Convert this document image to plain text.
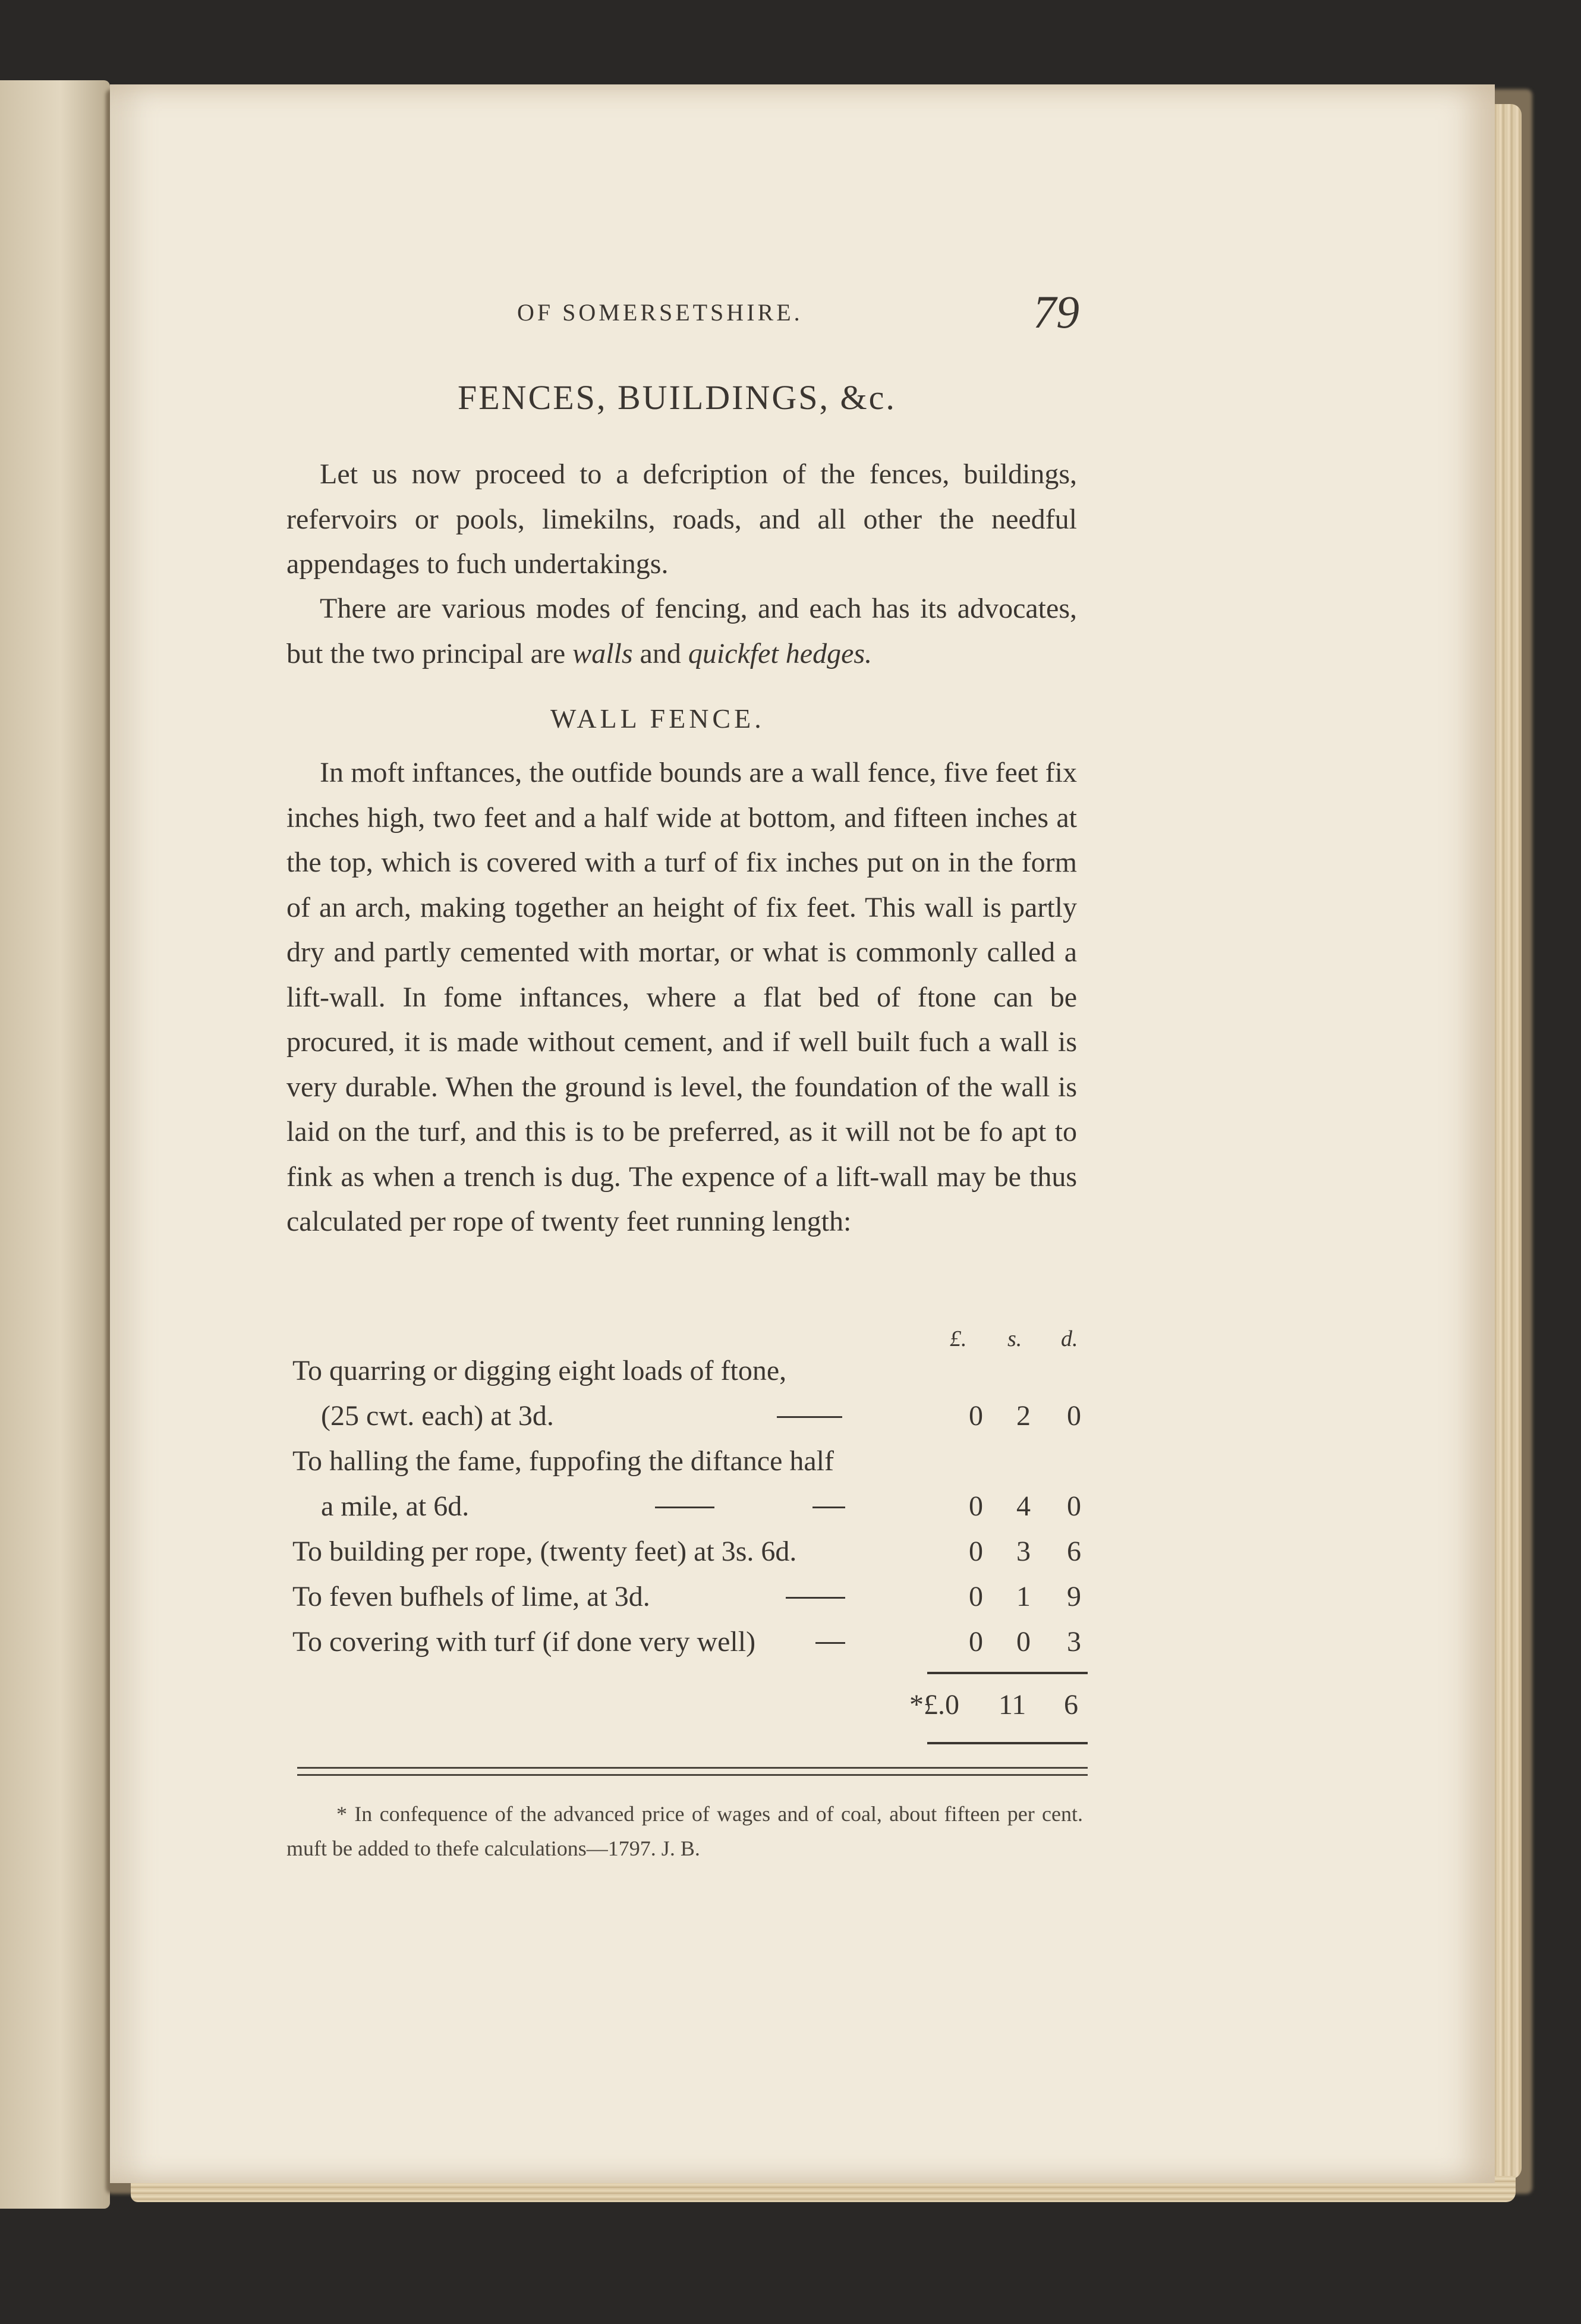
OF SOMERSETSHIRE.	79
FENCES, BUILDINGS, &c.
Let us now proceed to a defcription of the fences, buildings, refervoirs or pools, limekilns, roads, and all other the needful appendages to fuch undertakings.
There are various modes of fencing, and each has its advocates, but the two principal are walls and quickfet hedges.
WALL FENCE.
In moft inftances, the outfide bounds are a wall fence, five feet fix inches high, two feet and a half wide at bottom, and fifteen inches at the top, which is covered with a turf of fix inches put on in the form of an arch, making together an height of fix feet. This wall is partly dry and partly cemented with mortar, or what is commonly called a lift-wall. In fome inftances, where a flat bed of ftone can be procured, it is made without cement, and if well built fuch a wall is very durable. When the ground is level, the foundation of the wall is laid on the turf, and this is to be preferred, as it will not be fo apt to fink as when a trench is dug. The expence of a lift-wall may be thus calculated per rope of twenty feet running length:
£. s. d.
To quarring or digging eight loads of ftone,
(25 cwt. each) at 3d.	0	2	0
To halling the fame, fuppofing the diftance half
a mile, at 6d.	0	4	0
To building per rope, (twenty feet) at 3s. 6d.	0	3	6
To feven bufhels of lime, at 3d.	0	1	9
To covering with turf (if done very well)	0	0	3
*£.0 11 6
* In confequence of the advanced price of wages and of coal, about fifteen per cent. muft be added to thefe calculations—1797. J. B.
